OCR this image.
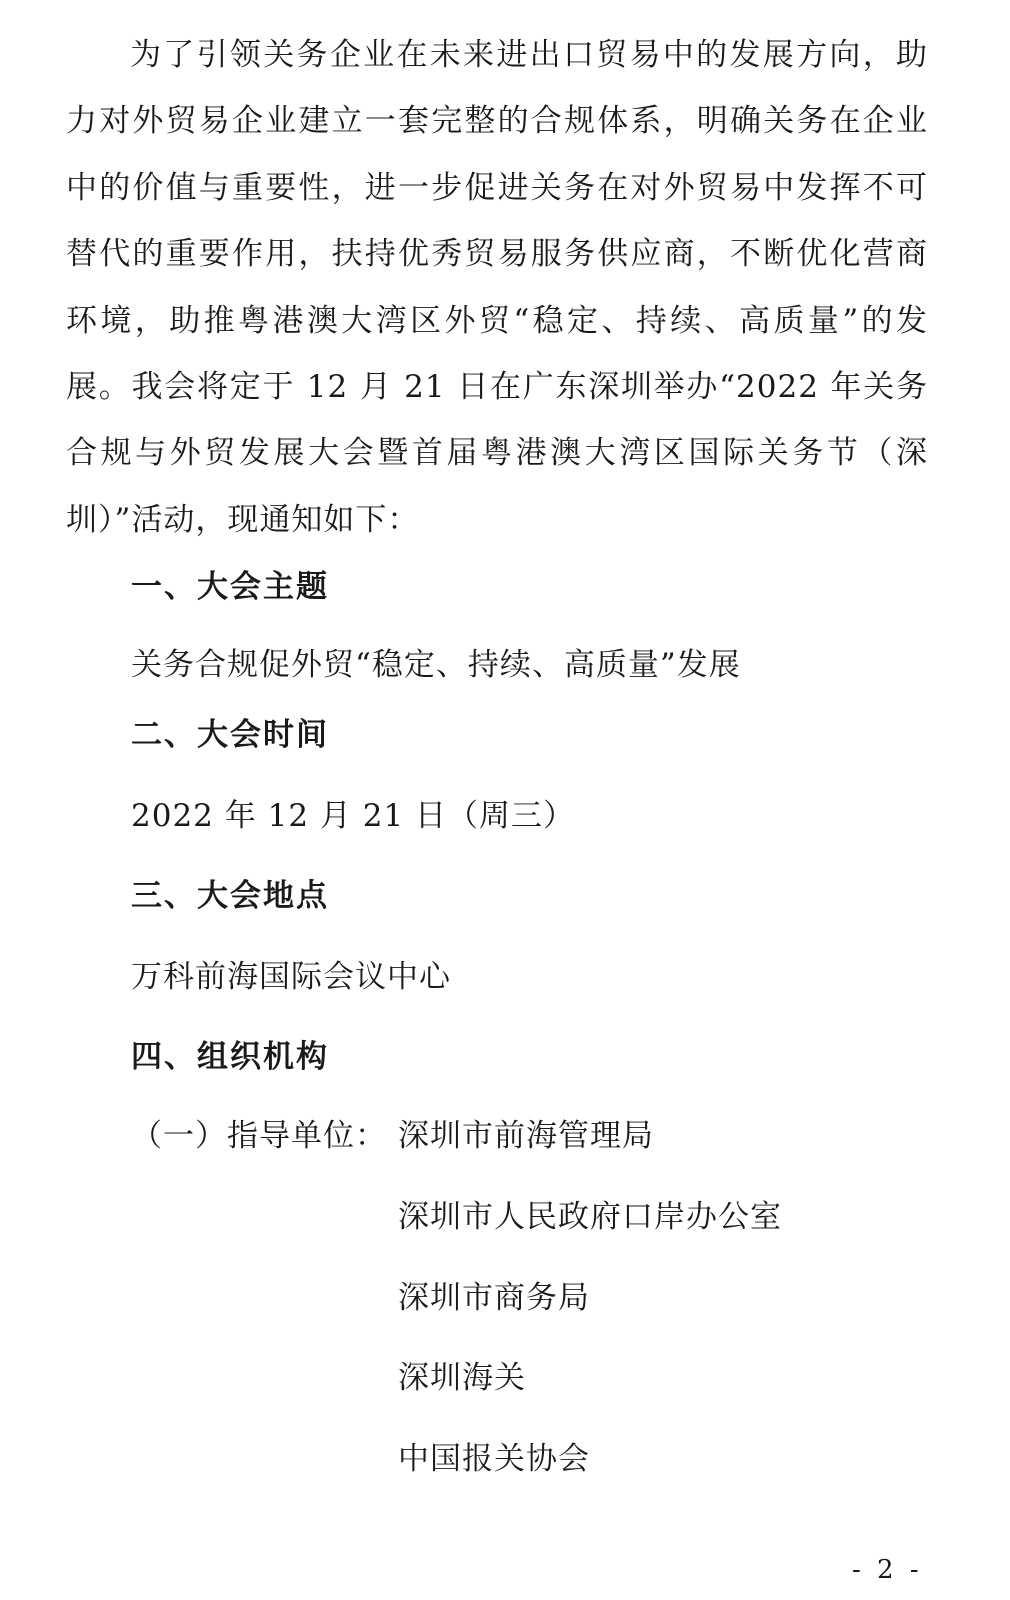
为了引领关务企业在未来进出口贸易中的发展方向，助力对外贸易企业建立一套完整的合规体系，明确关务在企业中的价值与重要性，进一步促进关务在对外贸易中发挥不可替代的重要作用，扶持优秀贸易服务供应商，不断优化营商环境，助推粤港澳大湾区外贸“稳定、持续、高质量”的发展。我会将定于 12 月 21 日在广东深圳举办“2022 年关务合规与外贸发展大会暨首届粤港澳大湾区国际关务节（深圳）”活动，现通知如下：

一、大会主题

关务合规促外贸“稳定、持续、高质量”发展

二、大会时间

2022 年 12 月 21 日（周三）

三、大会地点

万科前海国际会议中心

四、组织机构

（一）指导单位： 深圳市前海管理局

深圳市人民政府口岸办公室

深圳市商务局

深圳海关

中国报关协会

- 2 -
